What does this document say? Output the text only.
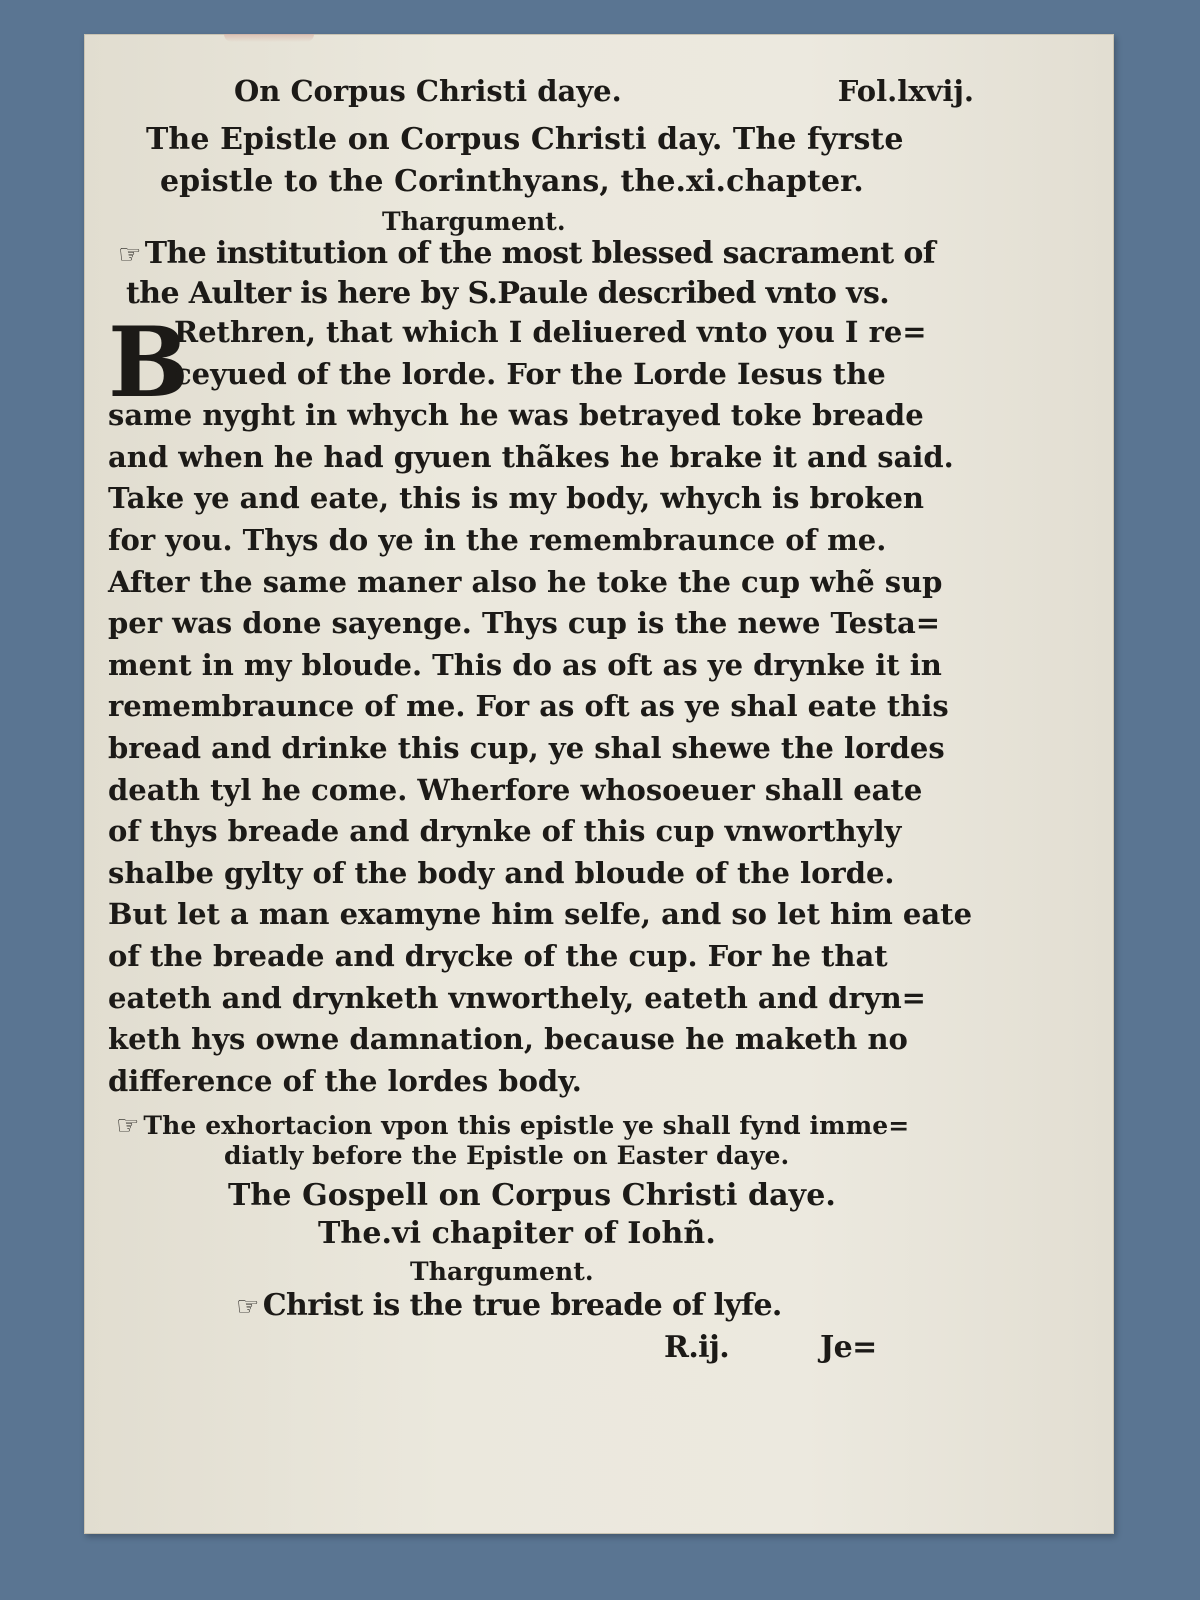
On Corpus Christi daye.	Fol.lxvij.
The Epistle on Corpus Christi day. The fyrste
epistle to the Corinthyans, the.xi.chapter.
Thargument.
☞ The institution of the most blessed sacrament of
the Aulter is here by S.Paule described vnto vs.
B
Rethren, that which I deliuered vnto you I re=
ceyued of the lorde. For the Lorde Iesus the
same nyght in whych he was betrayed toke breade
and when he had gyuen thãkes he brake it and said.
Take ye and eate, this is my body, whych is broken
for you. Thys do ye in the remembraunce of me.
After the same maner also he toke the cup whẽ sup
per was done sayenge. Thys cup is the newe Testa=
ment in my bloude. This do as oft as ye drynke it in
remembraunce of me. For as oft as ye shal eate this
bread and drinke this cup, ye shal shewe the lordes
death tyl he come. Wherfore whosoeuer shall eate
of thys breade and drynke of this cup vnworthyly
shalbe gylty of the body and bloude of the lorde.
But let a man examyne him selfe, and so let him eate
of the breade and drycke of the cup. For he that
eateth and drynketh vnworthely, eateth and dryn=
keth hys owne damnation, because he maketh no
difference of the lordes body.
☞ The exhortacion vpon this epistle ye shall fynd imme=
diatly before the Epistle on Easter daye.
The Gospell on Corpus Christi daye.
The.vi chapiter of Iohñ.
Thargument.
☞ Christ is the true breade of lyfe.
R.ij.	Je=
